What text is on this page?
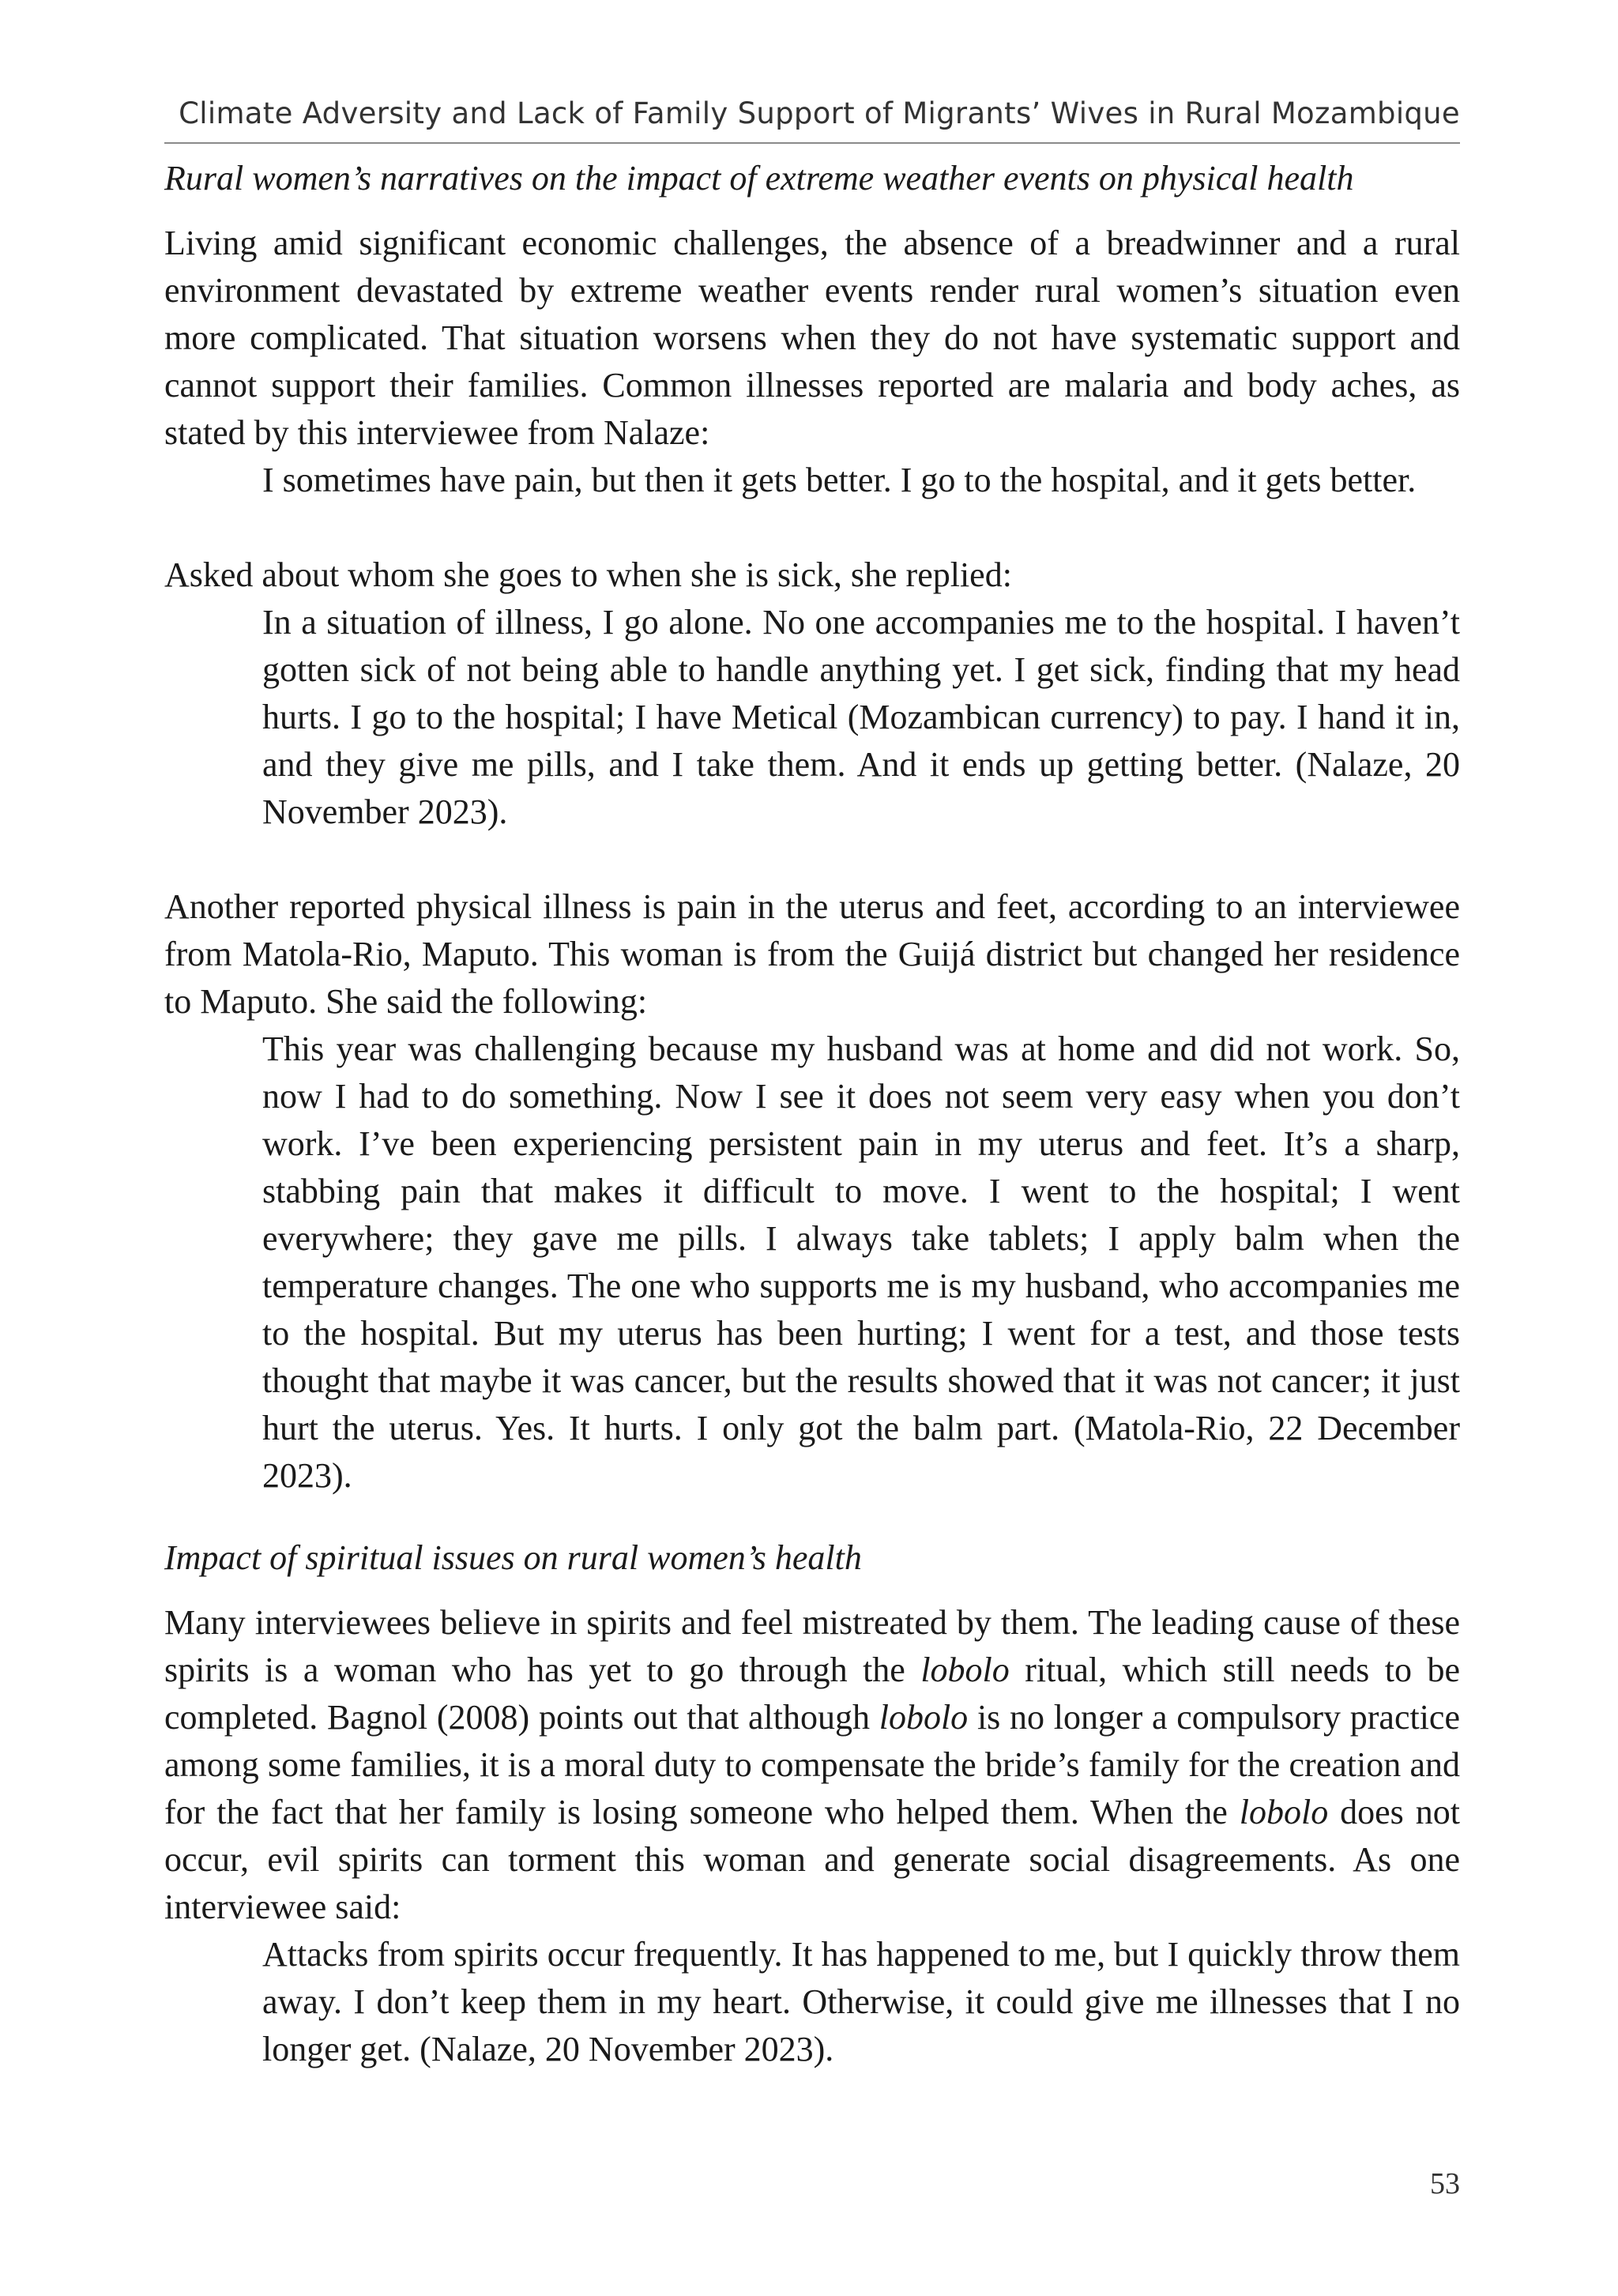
Climate Adversity and Lack of Family Support of Migrants’ Wives in Rural Mozambique

Rural women’s narratives on the impact of extreme weather events on physical health

Living amid significant economic challenges, the absence of a breadwinner and a rural environment devastated by extreme weather events render rural women’s situation even more complicated. That situation worsens when they do not have systematic support and cannot support their families. Common illnesses reported are malaria and body aches, as stated by this interviewee from Nalaze:

I sometimes have pain, but then it gets better. I go to the hospital, and it gets better.

Asked about whom she goes to when she is sick, she replied:

In a situation of illness, I go alone. No one accompanies me to the hospital. I haven’t gotten sick of not being able to handle anything yet. I get sick, finding that my head hurts. I go to the hospital; I have Metical (Mozambican currency) to pay. I hand it in, and they give me pills, and I take them. And it ends up getting better. (Nalaze, 20 November 2023).

Another reported physical illness is pain in the uterus and feet, according to an interviewee from Matola-Rio, Maputo. This woman is from the Guijá district but changed her residence to Maputo. She said the following:

This year was challenging because my husband was at home and did not work. So, now I had to do something. Now I see it does not seem very easy when you don’t work. I’ve been experiencing persistent pain in my uterus and feet. It’s a sharp, stabbing pain that makes it difficult to move. I went to the hospital; I went everywhere; they gave me pills. I always take tablets; I apply balm when the temperature changes. The one who supports me is my husband, who accompanies me to the hospital. But my uterus has been hurting; I went for a test, and those tests thought that maybe it was cancer, but the results showed that it was not cancer; it just hurt the uterus. Yes. It hurts. I only got the balm part. (Matola-Rio, 22 December 2023).

Impact of spiritual issues on rural women’s health

Many interviewees believe in spirits and feel mistreated by them. The leading cause of these spirits is a woman who has yet to go through the lobolo ritual, which still needs to be completed. Bagnol (2008) points out that although lobolo is no longer a compulsory practice among some families, it is a moral duty to compensate the bride’s family for the creation and for the fact that her family is losing someone who helped them. When the lobolo does not occur, evil spirits can torment this woman and generate social disagreements. As one interviewee said:

Attacks from spirits occur frequently. It has happened to me, but I quickly throw them away. I don’t keep them in my heart. Otherwise, it could give me illnesses that I no longer get. (Nalaze, 20 November 2023).

53
